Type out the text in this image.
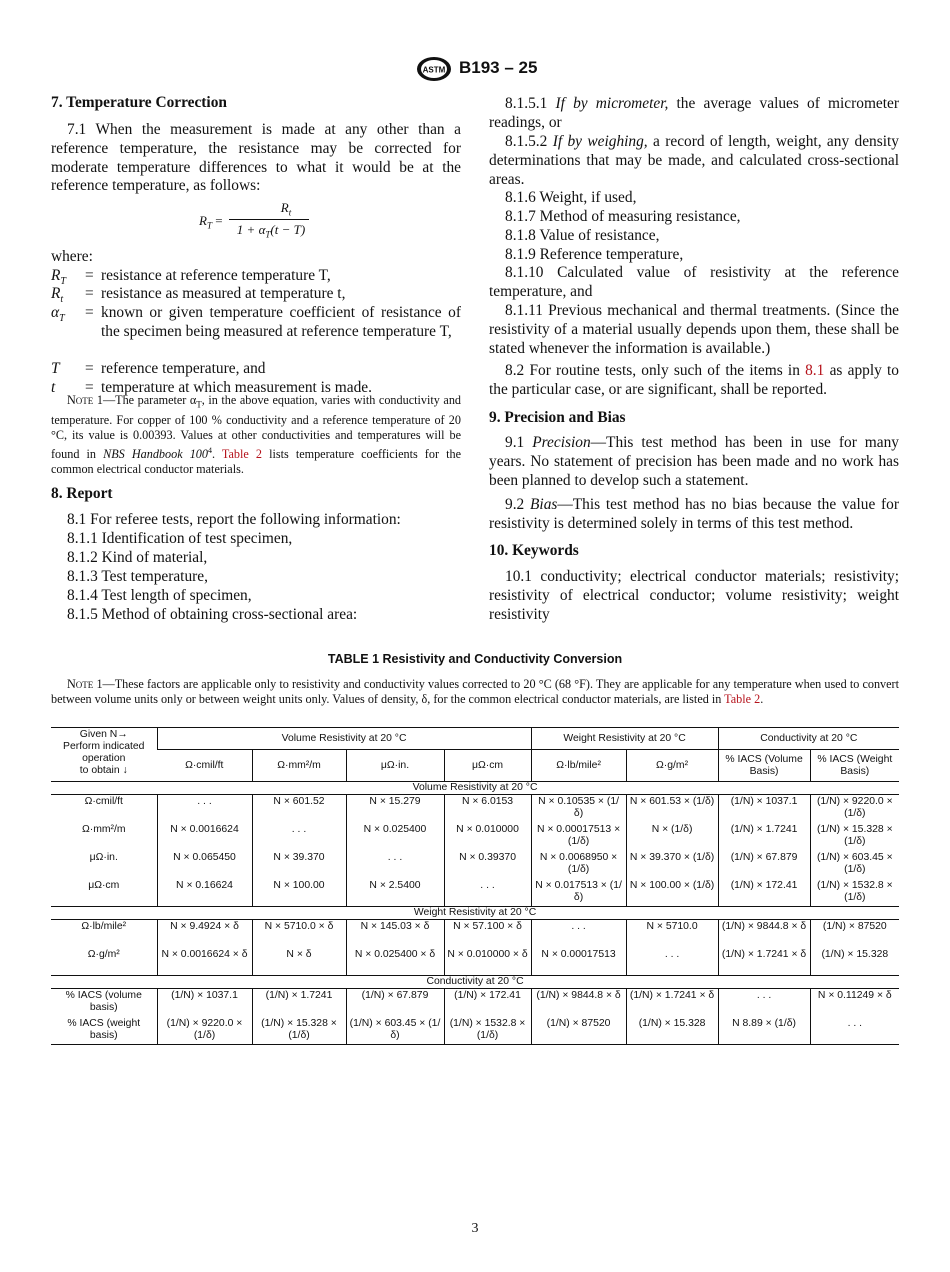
ASTM B193 – 25
7. Temperature Correction
7.1 When the measurement is made at any other than a reference temperature, the resistance may be corrected for moderate temperature differences to what it would be at the reference temperature, as follows:
$R_T$ =
$R_t$
$1 + \alpha_T(t - T)$
where:
$R_T$ = resistance at reference temperature T,
$R_t$ = resistance as measured at temperature t,
$\alpha_T$ = known or given temperature coefficient of resistance of the specimen being measured at reference temperature T,
T = reference temperature, and
t = temperature at which measurement is made.
Note 1—The parameter $\alpha_T$, in the above equation, varies with conductivity and temperature. For copper of 100 % conductivity and a reference temperature of 20 °C, its value is 0.00393. Values at other conductivities and temperatures will be found in NBS Handbook $100^4$. Table 2 lists temperature coefficients for the common electrical conductor materials.
8. Report
8.1 For referee tests, report the following information:
8.1.1 Identification of test specimen,
8.1.2 Kind of material,
8.1.3 Test temperature,
8.1.4 Test length of specimen,
8.1.5 Method of obtaining cross-sectional area:
8.1.5.1 If by micrometer, the average values of micrometer readings, or
8.1.5.2 If by weighing, a record of length, weight, any density determinations that may be made, and calculated cross-sectional areas.
8.1.6 Weight, if used,
8.1.7 Method of measuring resistance,
8.1.8 Value of resistance,
8.1.9 Reference temperature,
8.1.10 Calculated value of resistivity at the reference temperature, and
8.1.11 Previous mechanical and thermal treatments. (Since the resistivity of a material usually depends upon them, these shall be stated whenever the information is available.)
8.2 For routine tests, only such of the items in 8.1 as apply to the particular case, or are significant, shall be reported.
9. Precision and Bias
9.1 Precision—This test method has been in use for many years. No statement of precision has been made and no work has been planned to develop such a statement.
9.2 Bias—This test method has no bias because the value for resistivity is determined solely in terms of this test method.
10. Keywords
10.1 conductivity; electrical conductor materials; resistivity; resistivity of electrical conductor; volume resistivity; weight resistivity
TABLE 1 Resistivity and Conductivity Conversion
Note 1—These factors are applicable only to resistivity and conductivity values corrected to 20 °C (68 °F). They are applicable for any temperature when used to convert between volume units only or between weight units only. Values of density, δ, for the common electrical conductor materials, are listed in Table 2.
Given N→
Perform indicated operation
to obtain ↓	Volume Resistivity at 20 °C				Weight Resistivity at 20 °C		Conductivity at 20 °C	
	Ω·cmil/ft	Ω·mm²/m	μΩ·in.	μΩ·cm	Ω·lb/mile²	Ω·g/m²	% IACS (Volume Basis)	% IACS (Weight Basis)
Volume Resistivity at 20 °C								
Ω·cmil/ft	. . .	N × 601.52	N × 15.279	N × 6.0153	N × 0.10535 × (1/δ)	N × 601.53 × (1/δ)	(1/N) × 1037.1	(1/N) × 9220.0 × (1/δ)
Ω·mm²/m	N × 0.0016624	. . .	N × 0.025400	N × 0.010000	N × 0.00017513 × (1/δ)	N × (1/δ)	(1/N) × 1.7241	(1/N) × 15.328 × (1/δ)
μΩ·in.	N × 0.065450	N × 39.370	. . .	N × 0.39370	N × 0.0068950 × (1/δ)	N × 39.370 × (1/δ)	(1/N) × 67.879	(1/N) × 603.45 × (1/δ)
μΩ·cm	N × 0.16624	N × 100.00	N × 2.5400	. . .	N × 0.017513 × (1/δ)	N × 100.00 × (1/δ)	(1/N) × 172.41	(1/N) × 1532.8 × (1/δ)
Weight Resistivity at 20 °C								
Ω·lb/mile²	N × 9.4924 × δ	N × 5710.0 × δ	N × 145.03 × δ	N × 57.100 × δ	. . .	N × 5710.0	(1/N) × 9844.8 × δ	(1/N) × 87520
Ω·g/m²	N × 0.0016624 × δ	N × δ	N × 0.025400 × δ	N × 0.010000 × δ	N × 0.00017513	. . .	(1/N) × 1.7241 × δ	(1/N) × 15.328
Conductivity at 20 °C								
% IACS (volume basis)	(1/N) × 1037.1	(1/N) × 1.7241	(1/N) × 67.879	(1/N) × 172.41	(1/N) × 9844.8 × δ	(1/N) × 1.7241 × δ	. . .	N × 0.11249 × δ
% IACS (weight basis)	(1/N) × 9220.0 × (1/δ)	(1/N) × 15.328 × (1/δ)	(1/N) × 603.45 × (1/δ)	(1/N) × 1532.8 × (1/δ)	(1/N) × 87520	(1/N) × 15.328	N 8.89 × (1/δ)	. . .
3
